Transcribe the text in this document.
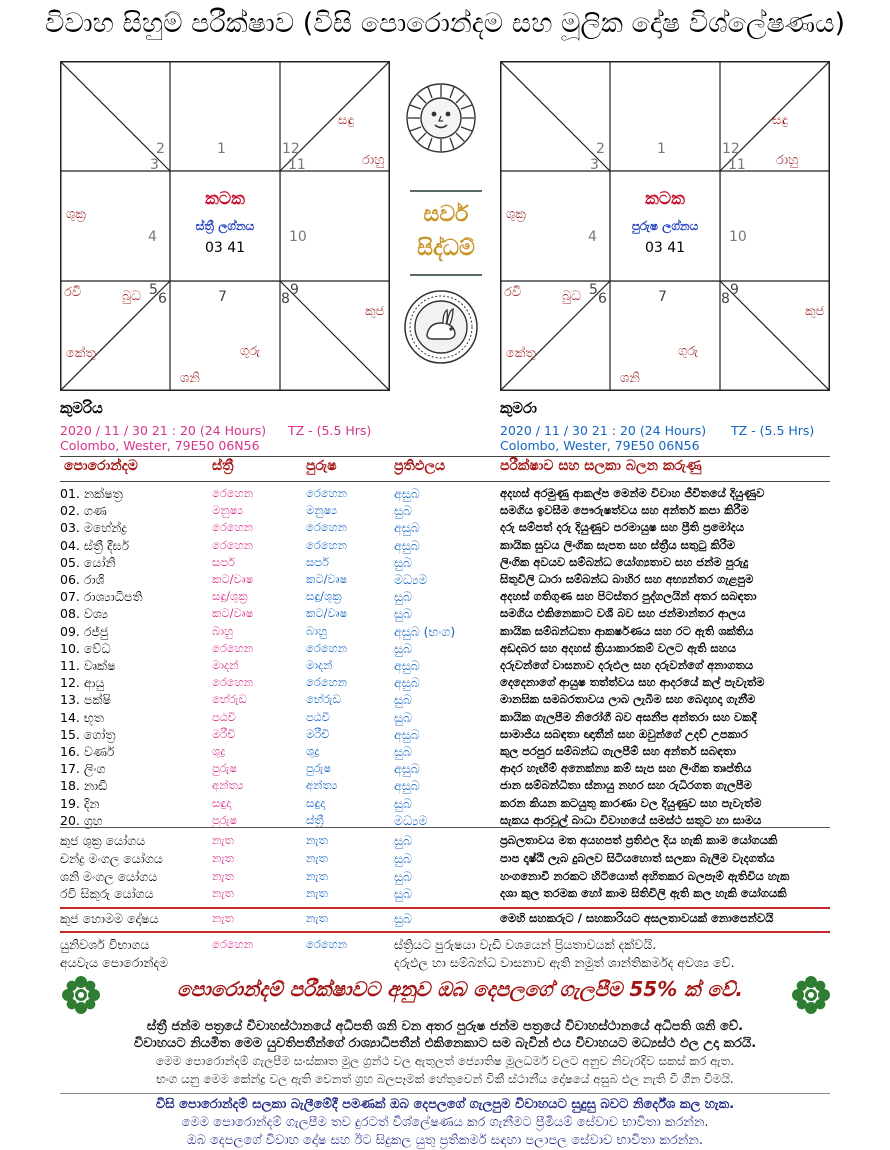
විවාහ සිහුම් පරීක්ෂාව (විසි පොරොන්දම සහ මූලික දෝෂ විශ්ලේෂණය)
1
2
3
4
5
6	7	8
9
10
11
12
සඳු
රාහු
ශුක්‍ර
රවි	බුධ
කේතු	ගුරු
ශනි
කුජ
කටක
ස්ත්‍රී ලග්නය
03 41
1
2
3
4
5
6	7	8
9
10
11
12
සඳු
රාහු
ශුක්‍ර
රවි	බුධ
කේතු	ගුරු
ශනි
කුජ
කටක
පුරුෂ ලග්නය
03 41
සර්ව සිද්ධම්
කුමරිය
2020 / 11 / 30 21 : 20 (24 Hours) TZ - (5.5 Hrs)
Colombo, Wester, 79E50 06N56
කුමරා
2020 / 11 / 30 21 : 20 (24 Hours) TZ - (5.5 Hrs)
Colombo, Wester, 79E50 06N56
පොරොන්දම	ස්ත්‍රී	පුරුෂ	ප්‍රතිඵලය	පරීක්ෂාව සහ සලකා බලන කරුණු
01. නක්ෂත්‍ර	රෙහෙන	රෙහෙන	අසුබ	අදහස් අරමුණු ආකල්ප මෙන්ම විවාහ ජීවිතයේ දියුණුව
02. ගණ	මනුෂ්‍ය	මනුෂ්‍ය	සුබ	සමගිය ඉවසීම පෞරුෂත්වය සහ අන්තර් කපා කිරීම
03. මහේන්ද්‍ර	රෙහෙන	රෙහෙන	අසුබ	දරු සම්පත් දරු දියුණුව පරමායුෂ සහ ප්‍රීති ප්‍රමෝදය
04. ස්ත්‍රී දීර්ඝ	රෙහෙන	රෙහෙන	අසුබ	කායික සුවය ලිංගික සැපත සහ ස්ත්‍රීය සතුටු කිරීම
05. යෝනි	සර්ප	සර්ප	සුබ	ලිංගික අවයව සම්බන්ධ යෝග්‍යතාව සහ ජන්ම පුරුදු
06. රාශි	කට/වෘෂ	කට/වෘෂ	මධ්‍යම	සිතුවිලි ධාරා සම්බන්ධ බාහිර සහ අභ්‍යන්තර ගැළපුම
07. රාශ්‍යාධිපති	සඳු/ශුක්‍ර	සඳු/ශුක්‍ර	සුබ	අදහස් ගතිගුණ සහ පිටස්තර පුද්ගලයින් අතර සබඳතා
08. වශ්‍ය	කට/වෘෂ	කට/වෘෂ	සුබ	සමගිය එකිනෙකාට වශී බව සහ ජන්මාන්තර ආලය
09. රජ්ජු	බාහු	බාහු	අසුබ (භංග)	කායික සම්බන්ධතා ආකර්ෂණය සහ රට ඇති ශක්තිය
10. වේධ	රෙහෙන	රෙහෙන	සුබ	අඩදබර සහ අදහස් ක්‍රියාකාරකම් වලට ඇති සහය
11. වෘක්ෂ	මාදන්	මාදන්	අසුබ	දරුවන්ගේ වාසනාව දරුඵල සහ දරුවන්ගේ අනාගතය
12. ආයු	රෙහෙන	රෙහෙන	අසුබ	දෙදෙනාගේ ආයුෂ තත්ත්වය සහ ආදරයේ කල් පැවැත්ම
13. පක්ෂි	භේරුඩ	භේරුඩ	සුබ	මානසික සමබරතාවය ලාබ ලැබීම සහ බෙදාහදා ගැනීම
14. භූත	පඨවි	පඨවි	සුබ	කායික ගැලපීම නිරෝගී බව අසනීප අන්තරා සහ වකදී
15. ගෝත්‍ර	මරීචි	මරීචි	අසුබ	සාමාජීය සබඳතා ඥාතීන් සහ ඔවුන්ගේ උදව් උපකාර
16. වර්ණ	ශුද්‍ර	ශුද්‍ර	සුබ	කුල පරපුර සම්බන්ධ ගැලපීම් සහ අන්තර් සබඳතා
17. ලිංග	පුරුෂ	පුරුෂ	අසුබ	ආදර හැඟීම් අනෙක්න්‍ය කම් සැප සහ ලිංගික තෘප්තිය
18. නාඩි	අන්ත්‍ය	අන්ත්‍ය	අසුබ	ජාන සම්බන්ධිතා ස්නායු නහර සහ රුධිරගත ගැලපීම
19. දින	සඳුදා	සඳුදා	සුබ	කරන කියන කටයුතු කාරණා වල දියුණුව සහ පැවැත්ම
20. ග්‍රහ	පුරුෂ	ස්ත්‍රී	මධ්‍යම	සැකය ආරවුල් බාධා විවාහයේ සමස්ථ සතුට හා සාමය
කුජ ශුක්‍ර යෝගය	නැත	නැත	සුබ	ප්‍රබලතාවය මත අයහපත් ප්‍රතිඵල දිය හැකි කාම යෝගයකි
චන්ද්‍ර මංගල යෝගය	නැත	නැත	සුබ	පාප දෘෂ්ඨි ලැබ දුබලව සිටියහොත් සලකා බැලීම වැදගත්ය
ශනි මංගල යෝගය	නැත	නැත	සුබ	හංගනොවී නරකට හිටියොත් අහිතකර බලපෑම් ඇතිවිය හැක
රවි සිකුරු යෝගය	නැත	නැත	සුබ	දශා කුල තරමක හෝ කාම සිතිවිලි ඇති කල හැකි යෝගයකි
කුජ හොමම දෝෂය	නැත	නැත	සුබ	මෙහි සහකරුට / සහකාරියට අසලතාවයක් නොපෙන්වයි
යුනිවර්ශ විභාගය	රෙහෙන	රෙහෙන	ස්ත්‍රියට පුරුෂයා වැඩි වශයෙන් ප්‍රියතාවයක් දක්වයි.
අයවැය පොරොන්දම	දරුඵල හා සම්බන්ධ වාසනාව ඇති නමුත් ශාන්තිකර්මද අවශ්‍ය වේ.
පොරොන්දම් පරීක්ෂාවට අනුව ඔබ දෙපලගේ ගැලපීම 55% ක් වේ.
ස්ත්‍රී ජන්ම පත්‍රයේ විවාහස්ථානයේ අධිපති ශනි වන අතර පුරුෂ ජන්ම පත්‍රයේ විවාහස්ථානයේ අධිපති ශනි වේ.
විවාහයට නියමිත මෙම යුවතිපතීන්ගේ රාශ්‍යාධිපතීන් එකිනෙකාට සම බැවින් එය විවාහයට මධ්‍යස්ථ ඵල උදා කරයි.
මෙම පොරොන්දම් ගැලපීම සංස්කෘත මුල ග්‍රන්ථ වල ඇතුලත් ජ්‍යොතිෂ මූලධර්ම වලට අනුව නිවැරදිව සකස් කර ඇත.
භංග යනු මෙම කේන්ද්‍ර වල ඇති වෙනත් ග්‍රහ බලපෑමක් හේතුවෙන් විකී ස්ථානීය දෝෂයේ අසුබ ඵල නැති වී ගීන විමයි.
විසි පොරොන්දම් සලකා බැලීමේදී පමණක් ඔබ දෙපලගේ ගැලපුම විවාහයට සුදුසු බවට නිර්දේශ කල හැක.
මෙම පොරොන්දම් ගැලපීම තව දුරටත් විශ්ලේෂණය කර ගැනීමට ප්‍රීමියම් සේවාව භාවිතා කරන්න.
ඔබ දෙපලගේ විවාහ දෝෂ සහ ඊට සිදුකල යුතු ප්‍රතිකර්ම සඳහා පලාපල සේවාව භාවිතා කරන්න.
